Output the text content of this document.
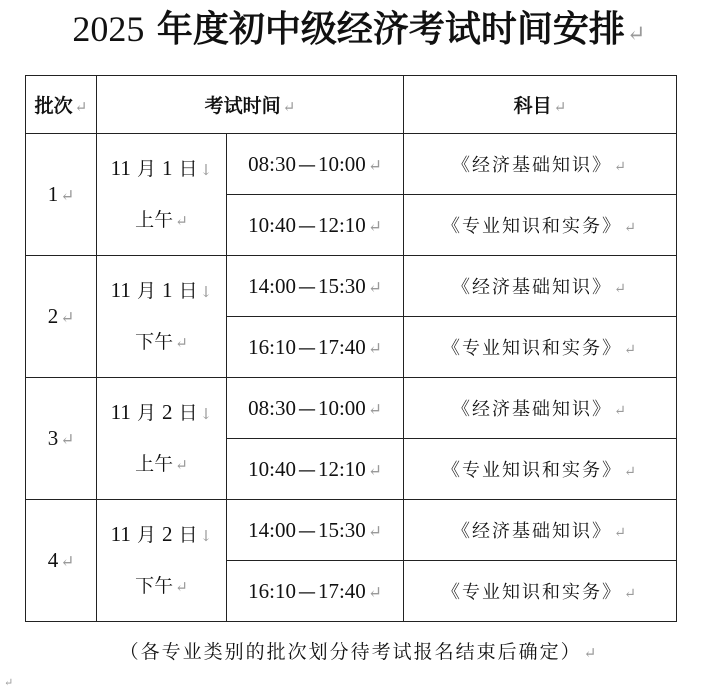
2025 年度初中级经济考试时间安排↵
批次 ↵	考试时间 ↵		科目 ↵
1 ↵	11 月 1 日 ↓
上午 ↵	08:30 —10:00 ↵	《经济基础知识》 ↵
		10:40 —12:10 ↵	《专业知识和实务》 ↵
2 ↵	11 月 1 日 ↓
下午 ↵	14:00 —15:30 ↵	《经济基础知识》 ↵
		16:10 —17:40 ↵	《专业知识和实务》 ↵
3 ↵	11 月 2 日 ↓
上午 ↵	08:30 —10:00 ↵	《经济基础知识》 ↵
		10:40 —12:10 ↵	《专业知识和实务》 ↵
4 ↵	11 月 2 日 ↓
下午 ↵	14:00 —15:30 ↵	《经济基础知识》 ↵
		16:10 —17:40 ↵	《专业知识和实务》 ↵
（各专业类别的批次划分待考试报名结束后确定） ↵
↵
